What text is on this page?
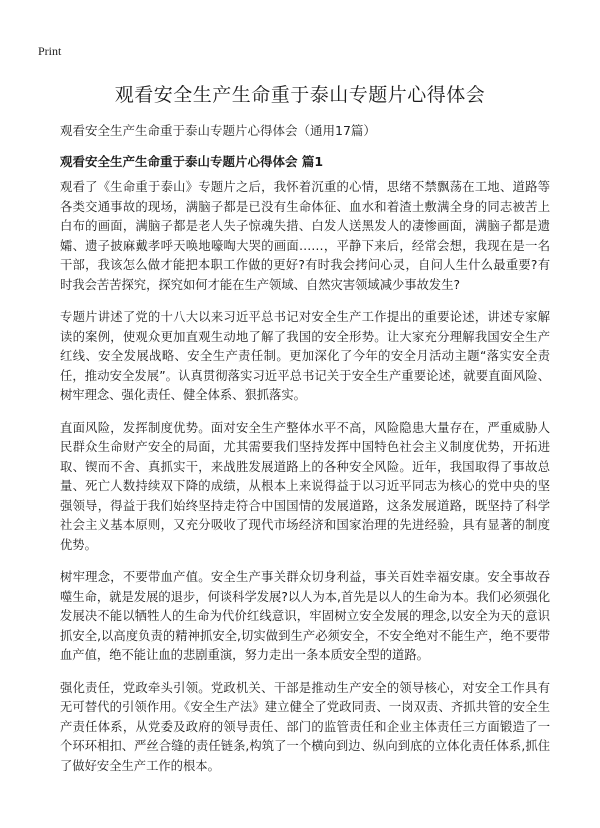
Print
观看安全生产生命重于泰山专题片心得体会
观看安全生产生命重于泰山专题片心得体会（通用17篇）
观看安全生产生命重于泰山专题片心得体会 篇1

观看了《生命重于泰山》专题片之后，我怀着沉重的心情，思绪不禁飘荡在工地、道路等各类交通事故的现场，满脑子都是已没有生命体征、血水和着渣土敷满全身的同志被苦上白布的画面，满脑子都是老人失子惊魂失措、白发人送黑发人的凄惨画面，满脑子都是遗孀、遗子披麻戴孝呼天唤地嚎啕大哭的画面……，平静下来后，经常会想，我现在是一名干部，我该怎么做才能把本职工作做的更好?有时我会拷问心灵，自问人生什么最重要?有时我会苦苦探究，探究如何才能在生产领域、自然灾害领域减少事故发生?

专题片讲述了党的十八大以来习近平总书记对安全生产工作提出的重要论述，讲述专家解读的案例，使观众更加直观生动地了解了我国的安全形势。让大家充分理解我国安全生产红线、安全发展战略、安全生产责任制。更加深化了今年的安全月活动主题“落实安全责任，推动安全发展”。认真贯彻落实习近平总书记关于安全生产重要论述，就要直面风险、树牢理念、强化责任、健全体系、狠抓落实。

直面风险，发挥制度优势。面对安全生产整体水平不高，风险隐患大量存在，严重威胁人民群众生命财产安全的局面，尤其需要我们坚持发挥中国特色社会主义制度优势，开拓进取、锲而不舍、真抓实干，来战胜发展道路上的各种安全风险。近年，我国取得了事故总量、死亡人数持续双下降的成绩，从根本上来说得益于以习近平同志为核心的党中央的坚强领导，得益于我们始终坚持走符合中国国情的发展道路，这条发展道路，既坚持了科学社会主义基本原则，又充分吸收了现代市场经济和国家治理的先进经验，具有显著的制度优势。

树牢理念，不要带血产值。安全生产事关群众切身利益，事关百姓幸福安康。安全事故吞噬生命，就是发展的退步，何谈科学发展?以人为本,首先是以人的生命为本。我们必须强化发展决不能以牺牲人的生命为代价红线意识，牢固树立安全发展的理念,以安全为天的意识抓安全,以高度负责的精神抓安全,切实做到生产必须安全，不安全绝对不能生产，绝不要带血产值，绝不能让血的悲剧重演，努力走出一条本质安全型的道路。

强化责任，党政牵头引领。党政机关、干部是推动生产安全的领导核心，对安全工作具有无可替代的引领作用。《安全生产法》建立健全了党政同责、一岗双责、齐抓共管的安全生产责任体系，从党委及政府的领导责任、部门的监管责任和企业主体责任三方面锻造了一个环环相扣、严丝合缝的责任链条,构筑了一个横向到边、纵向到底的立体化责任体系,抓住了做好安全生产工作的根本。
